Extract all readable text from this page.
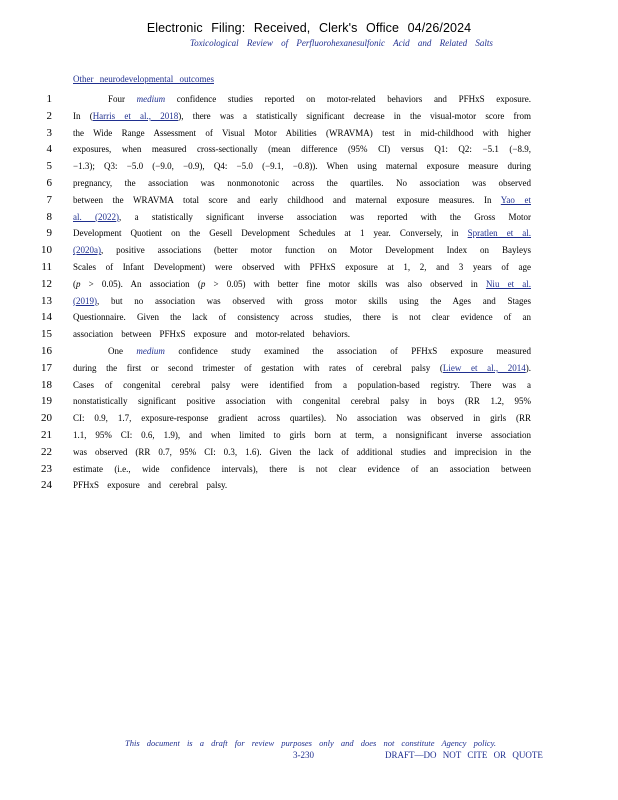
Electronic Filing: Received, Clerk's Office 04/26/2024
Toxicological Review of Perfluorohexanesulfonic Acid and Related Salts
Other neurodevelopmental outcomes
1	Four medium confidence studies reported on motor-related behaviors and PFHxS exposure.
2 In (Harris et al., 2018), there was a statistically significant decrease in the visual-motor score from
3 the Wide Range Assessment of Visual Motor Abilities (WRAVMA) test in mid-childhood with higher
4 exposures, when measured cross-sectionally (mean difference (95% CI) versus Q1: Q2: −5.1 (−8.9,
5 −1.3); Q3: −5.0 (−9.0, −0.9), Q4: −5.0 (−9.1, −0.8)). When using maternal exposure measure during
6 pregnancy, the association was nonmonotonic across the quartiles. No association was observed
7 between the WRAVMA total score and early childhood and maternal exposure measures. In Yao et
8 al. (2022), a statistically significant inverse association was reported with the Gross Motor
9 Development Quotient on the Gesell Development Schedules at 1 year. Conversely, in Spratlen et al.
10 (2020a), positive associations (better motor function on Motor Development Index on Bayleys
11 Scales of Infant Development) were observed with PFHxS exposure at 1, 2, and 3 years of age
12 (p > 0.05). An association (p > 0.05) with better fine motor skills was also observed in Niu et al.
13 (2019), but no association was observed with gross motor skills using the Ages and Stages
14 Questionnaire. Given the lack of consistency across studies, there is not clear evidence of an
15 association between PFHxS exposure and motor-related behaviors.
16	One medium confidence study examined the association of PFHxS exposure measured
17 during the first or second trimester of gestation with rates of cerebral palsy (Liew et al., 2014).
18 Cases of congenital cerebral palsy were identified from a population-based registry. There was a
19 nonstatistically significant positive association with congenital cerebral palsy in boys (RR 1.2, 95%
20 CI: 0.9, 1.7, exposure-response gradient across quartiles). No association was observed in girls (RR
21 1.1, 95% CI: 0.6, 1.9), and when limited to girls born at term, a nonsignificant inverse association
22 was observed (RR 0.7, 95% CI: 0.3, 1.6). Given the lack of additional studies and imprecision in the
23 estimate (i.e., wide confidence intervals), there is not clear evidence of an association between
24 PFHxS exposure and cerebral palsy.
This document is a draft for review purposes only and does not constitute Agency policy.
3-230	DRAFT—DO NOT CITE OR QUOTE
